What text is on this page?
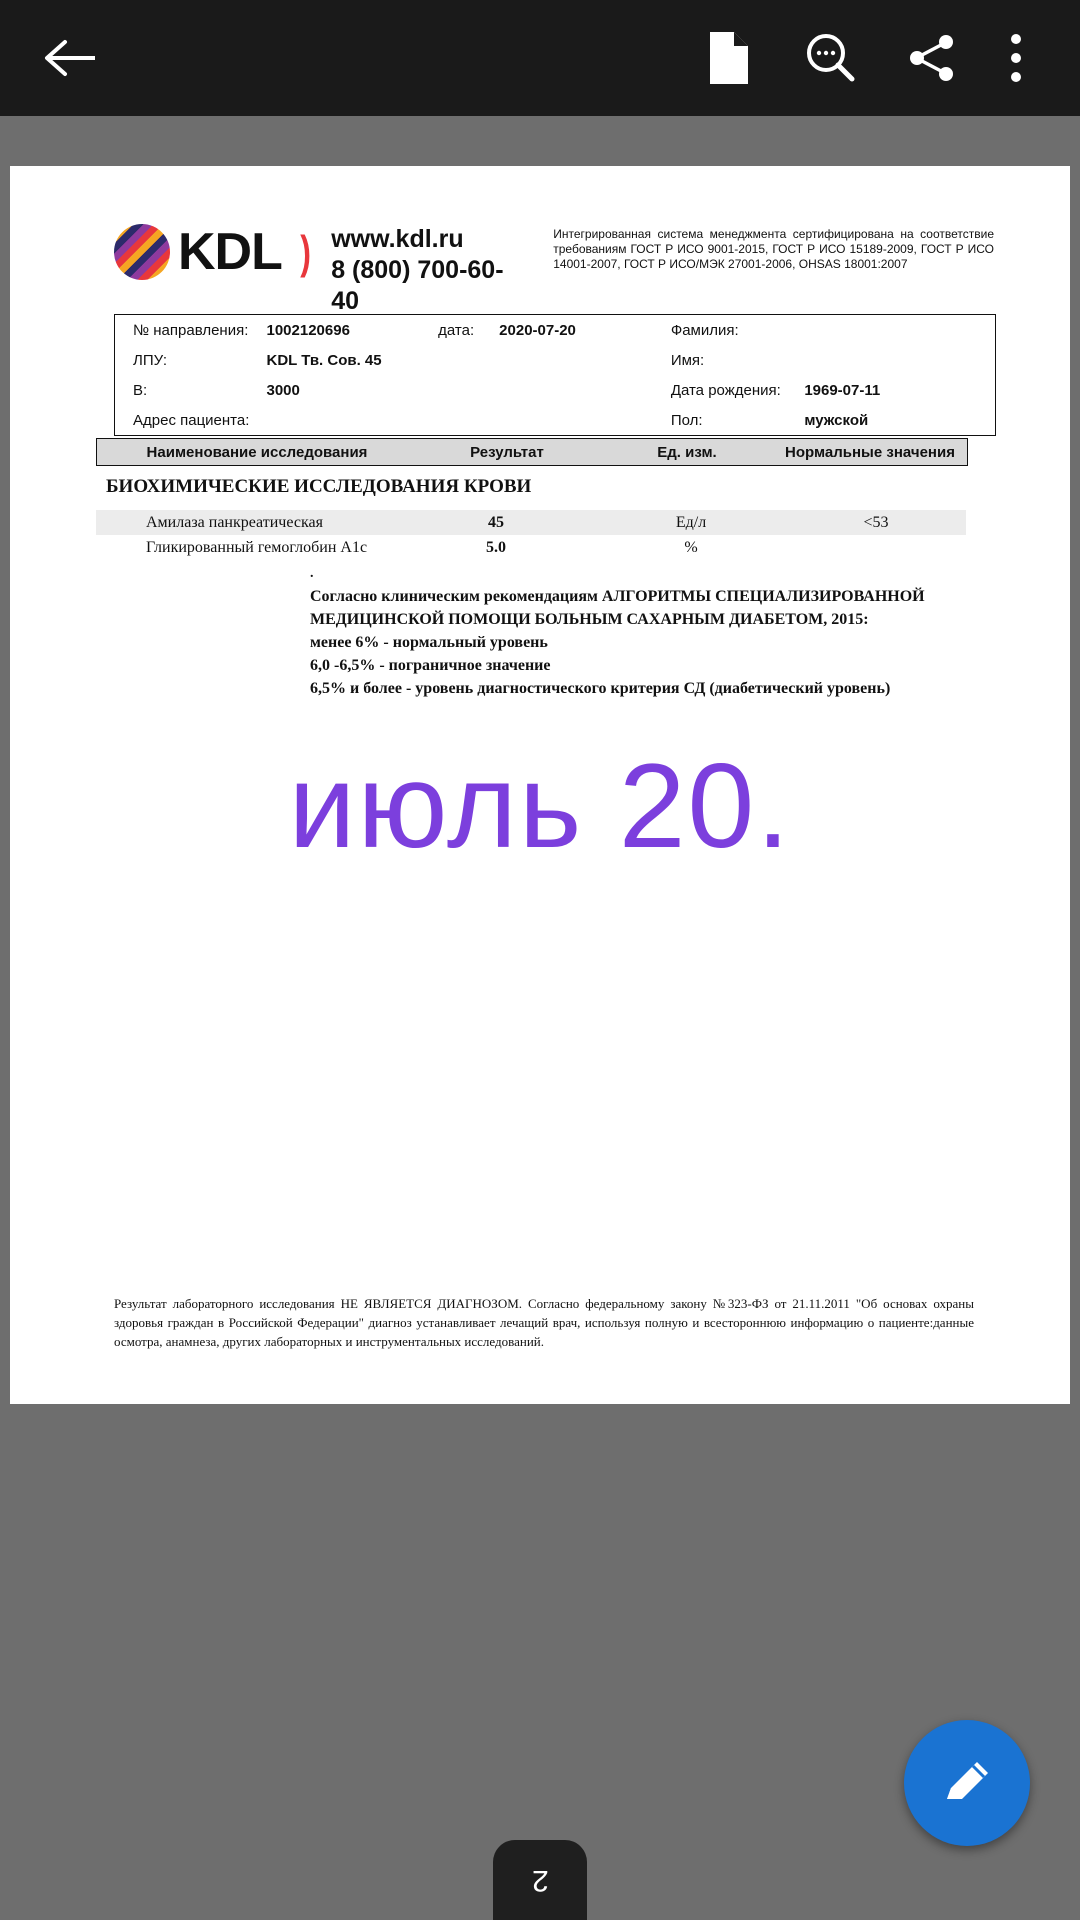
KDL ) www.kdl.ru
8 (800) 700-60-40
Интегрированная система менеджмента сертифицирована на соответствие требованиям ГОСТ Р ИСО 9001-2015, ГОСТ Р ИСО 15189-2009, ГОСТ Р ИСО 14001-2007, ГОСТ Р ИСО/МЭК 27001-2006, OHSAS 18001:2007
№ направления:	1002120696	дата:	2020-07-20	Фамилия:
ЛПУ:	KDL Тв. Сов. 45	Имя:
В:	3000	Дата рождения:	1969-07-11
Адрес пациента:	Пол:	мужской
Наименование исследования	Результат	Ед. изм.	Нормальные значения
БИОХИМИЧЕСКИЕ ИССЛЕДОВАНИЯ КРОВИ
Амилаза панкреатическая	45	Ед/л	<53
Гликированный гемоглобин A1c	5.0	%
.
Согласно клиническим рекомендациям АЛГОРИТМЫ СПЕЦИАЛИЗИРОВАННОЙ
МЕДИЦИНСКОЙ ПОМОЩИ БОЛЬНЫМ САХАРНЫМ ДИАБЕТОМ, 2015:
менее 6% - нормальный уровень
6,0 -6,5% - пограничное значение
6,5% и более - уровень диагностического критерия СД (диабетический уровень)
июль 20.
Результат лабораторного исследования НЕ ЯВЛЯЕТСЯ ДИАГНОЗОМ. Согласно федеральному закону №323-ФЗ от 21.11.2011 "Об основах охраны здоровья граждан в Российской Федерации" диагноз устанавливает лечащий врач, используя полную и всестороннюю информацию о пациенте:данные осмотра, анамнеза, других лабораторных и инструментальных исследований.
2
